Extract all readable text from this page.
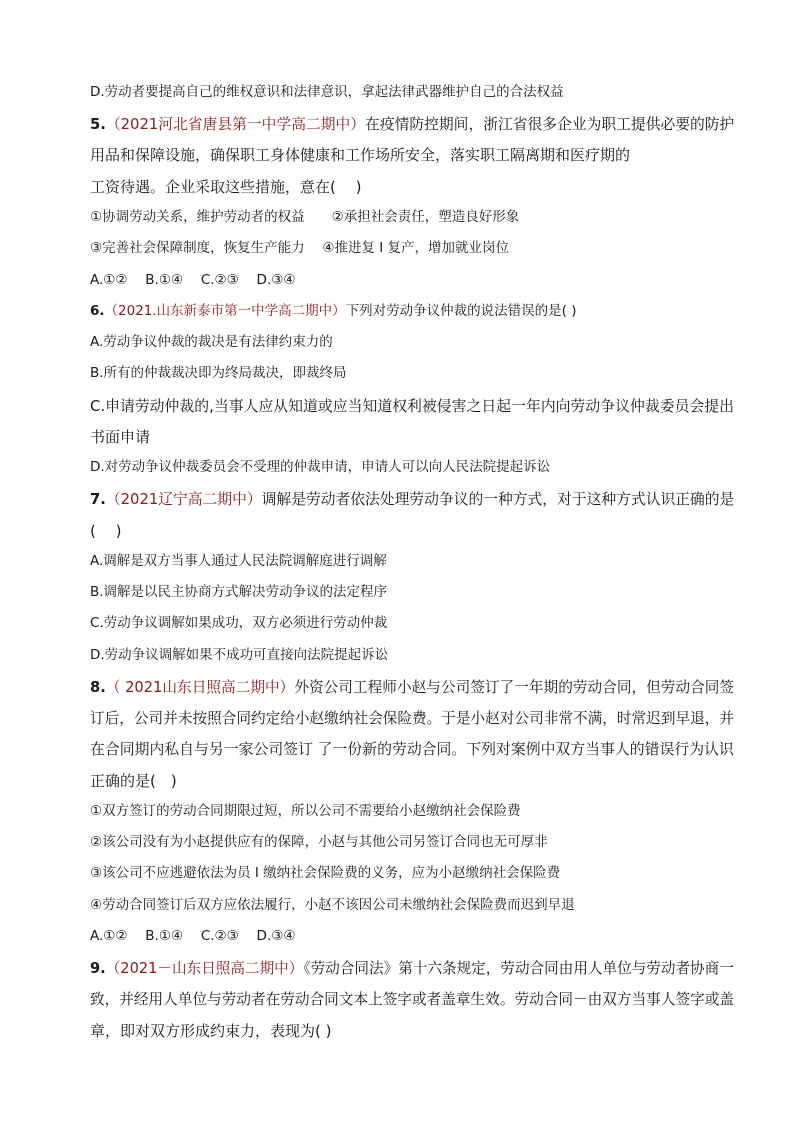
D.劳动者要提高自己的维权意识和法律意识，拿起法律武器维护自己的合法权益
5.（2021河北省唐县第一中学高二期中）在疫情防控期间，浙江省很多企业为职工提供必要的防护
用品和保障设施，确保职工身体健康和工作场所安全，落实职工隔离期和医疗期的
工资待遇。企业采取这些措施，意在(　 )
①协调劳动关系，维护劳动者的权益　　②承担社会责任，塑造良好形象
③完善社会保障制度，恢复生产能力　 ④推进复 I 复产，增加就业岗位
A.①②　 B.①④　 C.②③　 D.③④
6.（2021.山东新泰市第一中学高二期中）下列对劳动争议仲裁的说法错误的是( )
A.劳动争议仲裁的裁决是有法律约束力的
B.所有的仲裁裁决即为终局裁决，即裁终局
C.申请劳动仲裁的,当事人应从知道或应当知道权利被侵害之日起一年内向劳动争议仲裁委员会提出
书面申请
D.对劳动争议仲裁委员会不受理的仲裁申请，申请人可以向人民法院提起诉讼
7.（2021辽宁高二期中）调解是劳动者依法处理劳动争议的一种方式，对于这种方式认识正确的是
(　 )
A.调解是双方当事人通过人民法院调解庭进行调解
B.调解是以民主协商方式解决劳动争议的法定程序
C.劳动争议调解如果成功，双方必须进行劳动仲裁
D.劳动争议调解如果不成功可直接向法院提起诉讼
8.（ 2021山东日照高二期中）外资公司工程师小赵与公司签订了一年期的劳动合同，但劳动合同签
订后，公司并未按照合同约定给小赵缴纳社会保险费。于是小赵对公司非常不满，时常迟到早退，并
在合同期内私自与另一家公司签订 了一份新的劳动合同。下列对案例中双方当事人的错误行为认识
正确的是(　)
①双方签订的劳动合同期限过短，所以公司不需要给小赵缴纳社会保险费
②该公司没有为小赵提供应有的保障，小赵与其他公司另签订合同也无可厚非
③该公司不应逃避依法为员 I 缴纳社会保险费的义务，应为小赵缴纳社会保险费
④劳动合同签订后双方应依法履行，小赵不该因公司未缴纳社会保险费而迟到早退
A.①②　 B.①④　 C.②③　 D.③④
9.（2021－山东日照高二期中）《劳动合同法》第十六条规定，劳动合同由用人单位与劳动者协商一
致，并经用人单位与劳动者在劳动合同文本上签字或者盖章生效。劳动合同－由双方当事人签字或盖
章，即对双方形成约束力，表现为( )
